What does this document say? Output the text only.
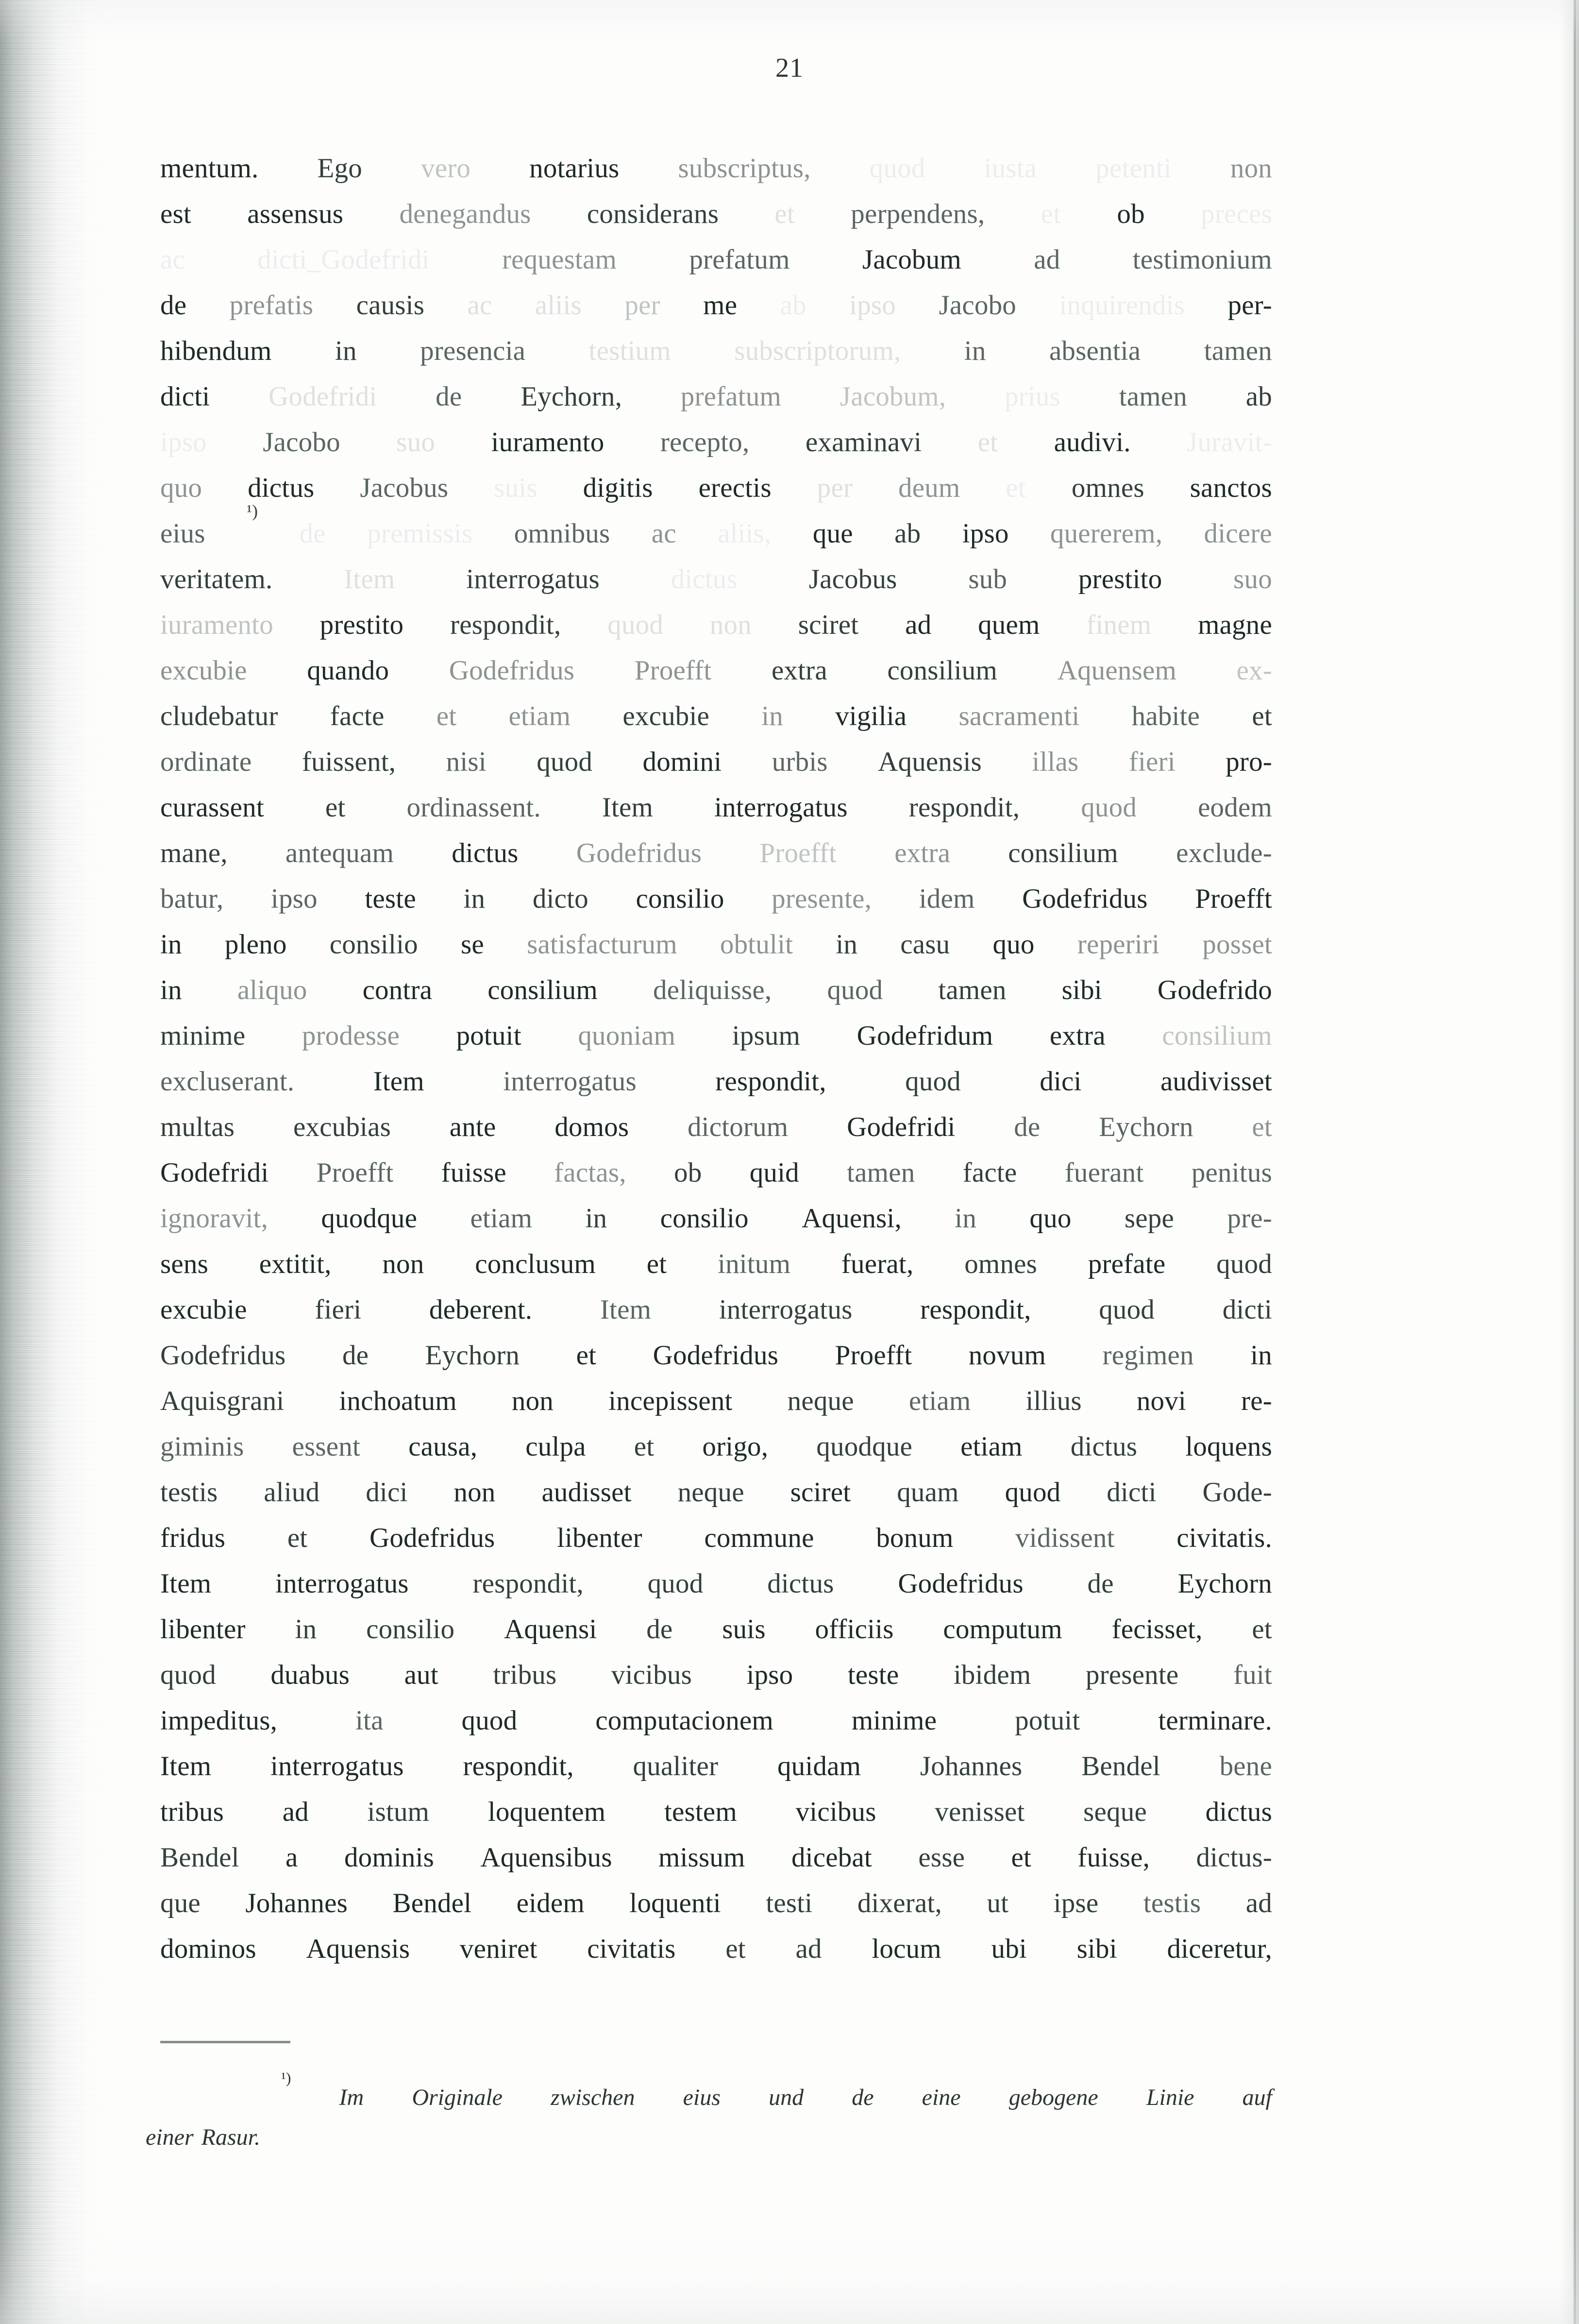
21
mentum. Ego vero notarius subscriptus, quod iusta petenti non
est assensus denegandus considerans et perpendens, et ob preces
ac	dicti_Godefridi	requestam	prefatum	Jacobum	ad	testimonium
de prefatis causis ac aliis per me ab ipso Jacobo inquirendis per-
hibendum in presencia testium subscriptorum, in absentia tamen
dicti Godefridi de Eychorn, prefatum Jacobum, prius tamen ab
ipso Jacobo suo iuramento recepto, examinavi et audivi. Juravit-
quo dictus Jacobus suis digitis erectis per deum et omnes sanctos
eius
¹)
de premissis omnibus ac aliis, que ab ipso quererem, dicere
veritatem.	Item	interrogatus	dictus	Jacobus	sub	prestito	suo
iuramento prestito respondit, quod non sciret ad quem finem magne
excubie quando Godefridus Proefft extra consilium Aquensem ex-
cludebatur facte et etiam excubie in vigilia sacramenti habite et
ordinate fuissent, nisi quod domini urbis Aquensis illas fieri pro-
curassent et ordinassent. Item interrogatus respondit, quod eodem
mane, antequam dictus Godefridus Proefft extra consilium exclude-
batur, ipso teste in dicto consilio presente, idem Godefridus Proefft
in pleno consilio se satisfacturum obtulit in casu quo reperiri posset
in aliquo contra consilium deliquisse, quod tamen sibi Godefrido
minime prodesse potuit quoniam ipsum Godefridum extra consilium
excluserant.	Item	interrogatus	respondit,	quod	dici	audivisset
multas excubias ante domos dictorum Godefridi de Eychorn et
Godefridi Proefft fuisse factas, ob quid tamen facte fuerant penitus
ignoravit, quodque etiam in consilio Aquensi, in quo sepe pre-
sens extitit, non conclusum et initum fuerat, omnes prefate quod
excubie fieri deberent. Item interrogatus respondit, quod dicti
Godefridus de Eychorn et Godefridus Proefft novum regimen in
Aquisgrani inchoatum non incepissent neque etiam illius novi re-
giminis essent causa, culpa et origo, quodque etiam dictus loquens
testis aliud dici non audisset neque sciret quam quod dicti Gode-
fridus et Godefridus libenter commune bonum vidissent civitatis.
Item interrogatus respondit, quod dictus Godefridus de Eychorn
libenter in consilio Aquensi de suis officiis computum fecisset, et
quod duabus aut tribus vicibus ipso teste ibidem presente fuit
impeditus,	ita	quod	computacionem	minime	potuit	terminare.
Item interrogatus respondit, qualiter quidam Johannes Bendel bene
tribus ad istum loquentem testem vicibus venisset seque dictus
Bendel a dominis Aquensibus missum dicebat esse et fuisse, dictus-
que Johannes Bendel eidem loquenti testi dixerat, ut ipse testis ad
dominos Aquensis veniret civitatis et ad locum ubi sibi diceretur,
¹)
Im Originale zwischen eius und de eine gebogene Linie auf
einer Rasur.
